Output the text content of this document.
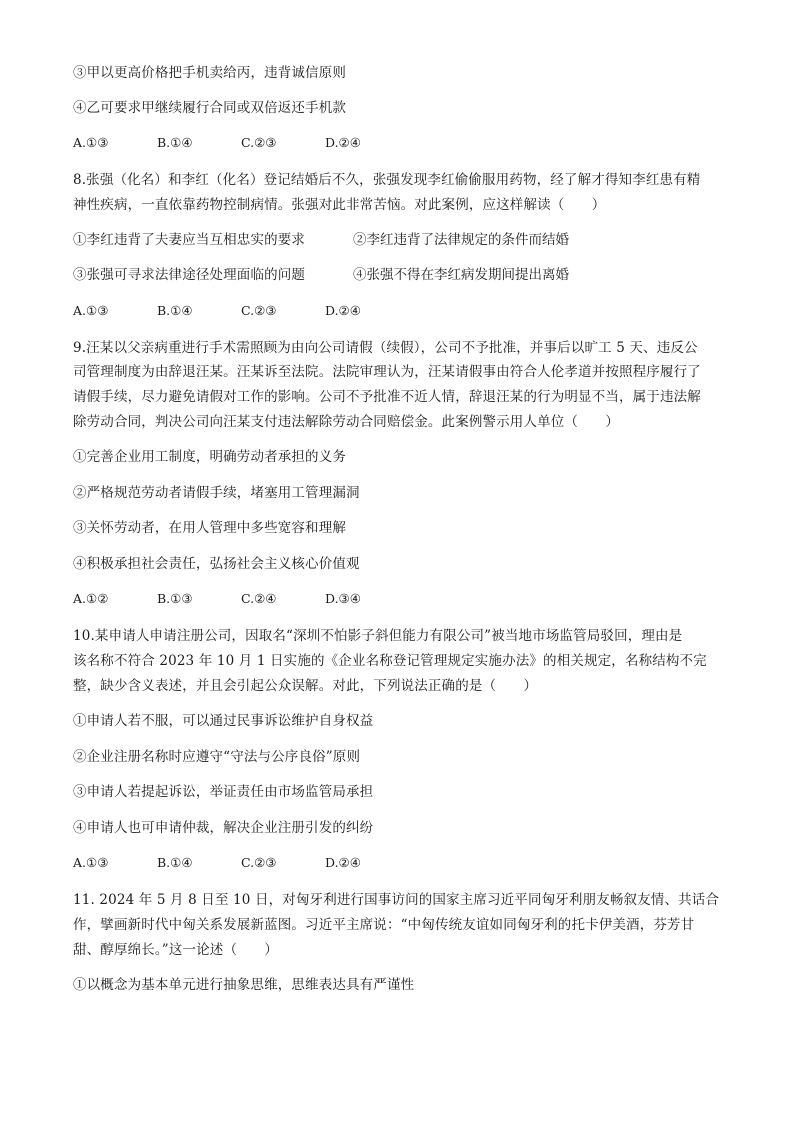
③甲以更高价格把手机卖给丙，违背诚信原则
④乙可要求甲继续履行合同或双倍返还手机款
A.①③	B.①④	C.②③	D.②④
8.张强（化名）和李红（化名）登记结婚后不久，张强发现李红偷偷服用药物，经了解才得知李红患有精
神性疾病，一直依靠药物控制病情。张强对此非常苦恼。对此案例，应这样解读（　　）
①李红违背了夫妻应当互相忠实的要求	②李红违背了法律规定的条件而结婚
③张强可寻求法律途径处理面临的问题	④张强不得在李红病发期间提出离婚
A.①③	B.①④	C.②③	D.②④
9.汪某以父亲病重进行手术需照顾为由向公司请假（续假），公司不予批准，并事后以旷工 5 天、违反公
司管理制度为由辞退汪某。汪某诉至法院。法院审理认为，汪某请假事由符合人伦孝道并按照程序履行了
请假手续，尽力避免请假对工作的影响。公司不予批准不近人情，辞退汪某的行为明显不当，属于违法解
除劳动合同，判决公司向汪某支付违法解除劳动合同赔偿金。此案例警示用人单位（　　）
①完善企业用工制度，明确劳动者承担的义务
②严格规范劳动者请假手续，堵塞用工管理漏洞
③关怀劳动者，在用人管理中多些宽容和理解
④积极承担社会责任，弘扬社会主义核心价值观
A.①②	B.①③	C.②④	D.③④
10.某申请人申请注册公司，因取名“深圳不怕影子斜但能力有限公司”被当地市场监管局驳回，理由是
该名称不符合 2023 年 10 月 1 日实施的《企业名称登记管理规定实施办法》的相关规定，名称结构不完
整，缺少含义表述，并且会引起公众误解。对此，下列说法正确的是（　　）
①申请人若不服，可以通过民事诉讼维护自身权益
②企业注册名称时应遵守“守法与公序良俗”原则
③申请人若提起诉讼，举证责任由市场监管局承担
④申请人也可申请仲裁，解决企业注册引发的纠纷
A.①③	B.①④	C.②③	D.②④
11. 2024 年 5 月 8 日至 10 日，对匈牙利进行国事访问的国家主席习近平同匈牙利朋友畅叙友情、共话合
作，擘画新时代中匈关系发展新蓝图。习近平主席说：“中匈传统友谊如同匈牙利的托卡伊美酒，芬芳甘
甜、醇厚绵长。”这一论述（　　）
①以概念为基本单元进行抽象思维，思维表达具有严谨性
